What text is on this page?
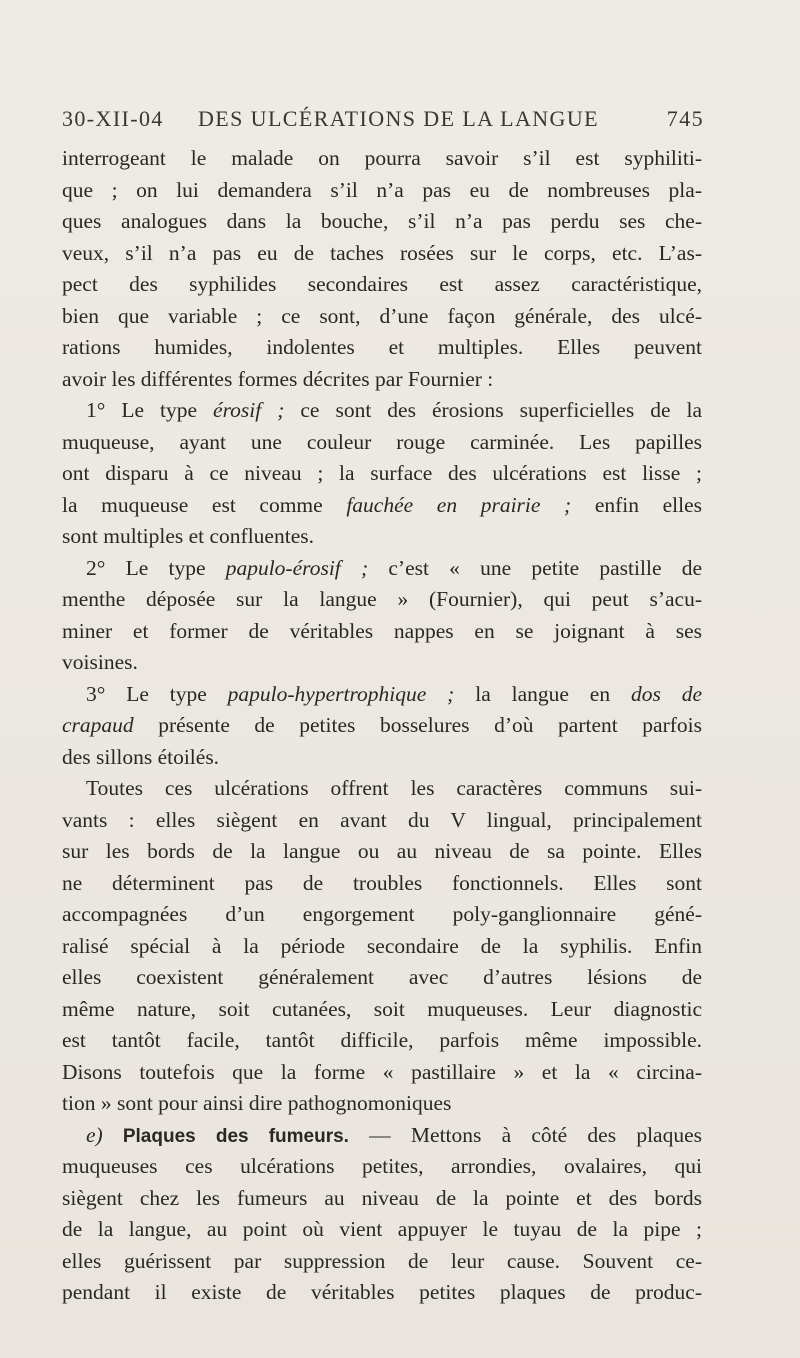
30-XII-04 DES ULCÉRATIONS DE LA LANGUE	745
interrogeant le malade on pourra savoir s’il est syphiliti-
que ; on lui demandera s’il n’a pas eu de nombreuses pla-
ques analogues dans la bouche, s’il n’a pas perdu ses che-
veux, s’il n’a pas eu de taches rosées sur le corps, etc. L’as-
pect des syphilides secondaires est assez caractéristique,
bien que variable ; ce sont, d’une façon générale, des ulcé-
rations humides, indolentes et multiples. Elles peuvent
avoir les différentes formes décrites par Fournier :
1° Le type érosif ; ce sont des érosions superficielles de la
muqueuse, ayant une couleur rouge carminée. Les papilles
ont disparu à ce niveau ; la surface des ulcérations est lisse ;
la muqueuse est comme fauchée en prairie ; enfin elles
sont multiples et confluentes.
2° Le type papulo-érosif ; c’est « une petite pastille de
menthe déposée sur la langue » (Fournier), qui peut s’acu-
miner et former de véritables nappes en se joignant à ses
voisines.
3° Le type papulo-hypertrophique ; la langue en dos de
crapaud présente de petites bosselures d’où partent parfois
des sillons étoilés.
Toutes ces ulcérations offrent les caractères communs sui-
vants : elles siègent en avant du V lingual, principalement
sur les bords de la langue ou au niveau de sa pointe. Elles
ne déterminent pas de troubles fonctionnels. Elles sont
accompagnées d’un engorgement poly-ganglionnaire géné-
ralisé spécial à la période secondaire de la syphilis. Enfin
elles coexistent généralement avec d’autres lésions de
même nature, soit cutanées, soit muqueuses. Leur diagnostic
est tantôt facile, tantôt difficile, parfois même impossible.
Disons toutefois que la forme « pastillaire » et la « circina-
tion » sont pour ainsi dire pathognomoniques
e) Plaques des fumeurs. — Mettons à côté des plaques
muqueuses ces ulcérations petites, arrondies, ovalaires, qui
siègent chez les fumeurs au niveau de la pointe et des bords
de la langue, au point où vient appuyer le tuyau de la pipe ;
elles guérissent par suppression de leur cause. Souvent ce-
pendant il existe de véritables petites plaques de produc-
